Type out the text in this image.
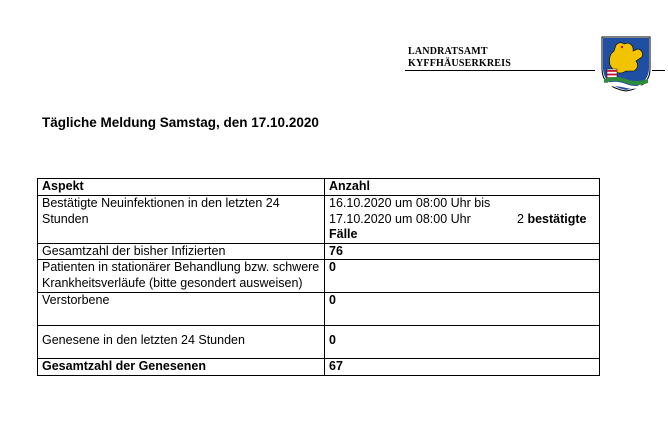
LANDRATSAMT
KYFFHÄUSERKREIS
Tägliche Meldung Samstag, den 17.10.2020
Aspekt	Anzahl
Bestätigte Neuinfektionen in den letzten 24 Stunden	16.10.2020 um 08:00 Uhr bis
17.10.2020 um 08:00 Uhr 2 bestätigte
Fälle

Gesamtzahl der bisher Infizierten	76
Patienten in stationärer Behandlung bzw. schwere Krankheitsverläufe (bitte gesondert ausweisen)	0
Verstorbene	0

Genesene in den letzten 24 Stunden	0

Gesamtzahl der Genesenen	67
